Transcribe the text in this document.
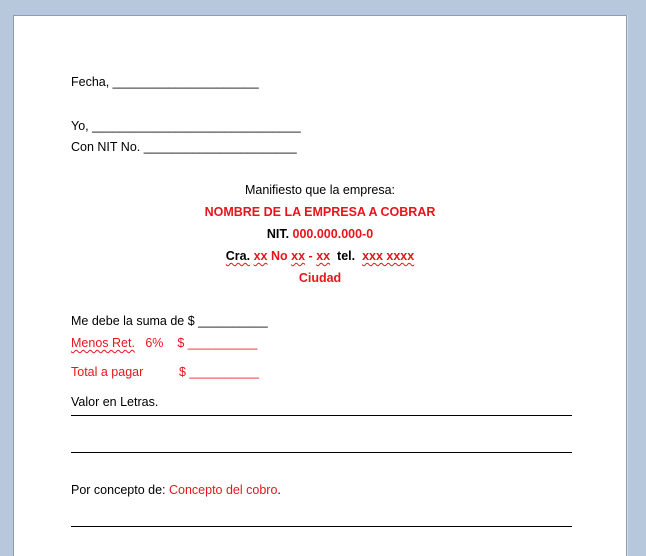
Fecha, _____________________
Yo, ______________________________
Con NIT No. ______________________
Manifiesto que la empresa:
NOMBRE DE LA EMPRESA A COBRAR
NIT. 000.000.000-0
Cra. xx No xx - xx tel. xxx xxxx
Ciudad
Me debe la suma de $ __________
Menos Ret. 6% $ __________
Total a pagar	$ __________
Valor en Letras.
Por concepto de: Concepto del cobro.
